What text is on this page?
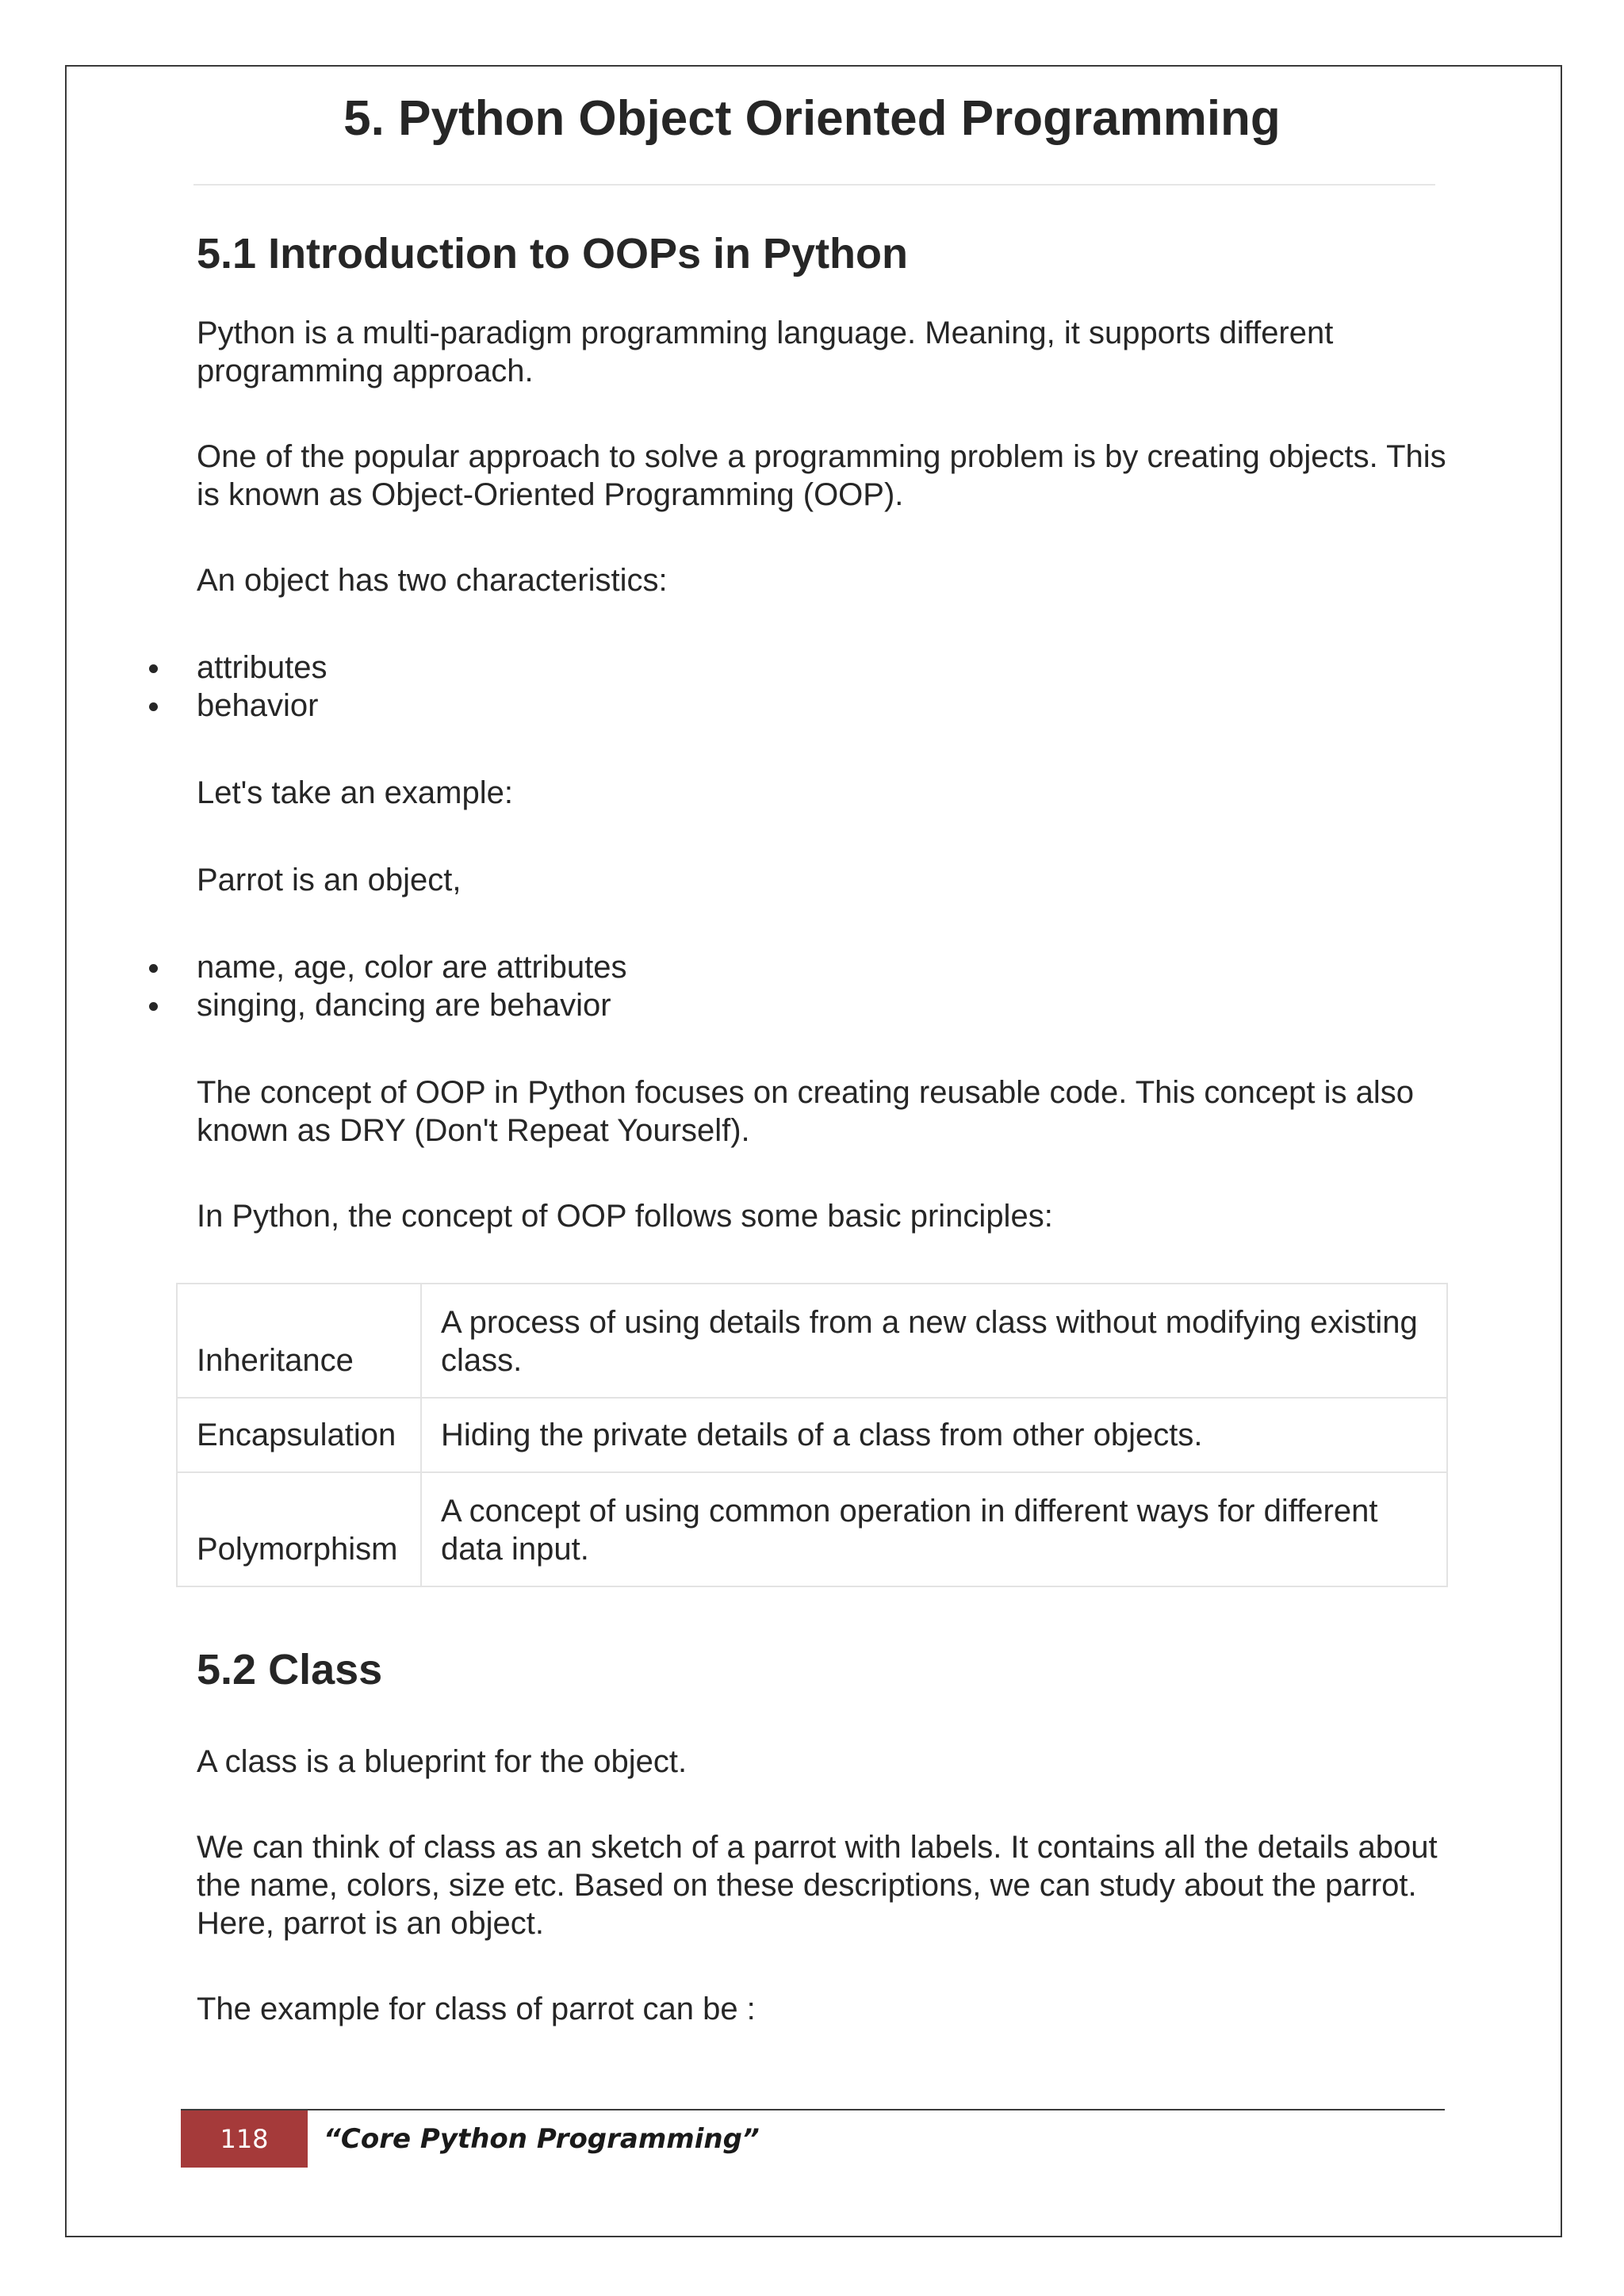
5. Python Object Oriented Programming
5.1 Introduction to OOPs in Python

Python is a multi-paradigm programming language. Meaning, it supports different programming approach.

One of the popular approach to solve a programming problem is by creating objects. This is known as Object-Oriented Programming (OOP).

An object has two characteristics:

attributes
behavior

Let's take an example:

Parrot is an object,

name, age, color are attributes
singing, dancing are behavior

The concept of OOP in Python focuses on creating reusable code. This concept is also known as DRY (Don't Repeat Yourself).

In Python, the concept of OOP follows some basic principles:

Inheritance	A process of using details from a new class without modifying existing class.
Encapsulation	Hiding the private details of a class from other objects.
Polymorphism	A concept of using common operation in different ways for different data input.
5.2 Class

A class is a blueprint for the object.

We can think of class as an sketch of a parrot with labels. It contains all the details about the name, colors, size etc. Based on these descriptions, we can study about the parrot. Here, parrot is an object.

The example for class of parrot can be :

118	“Core Python Programming”
